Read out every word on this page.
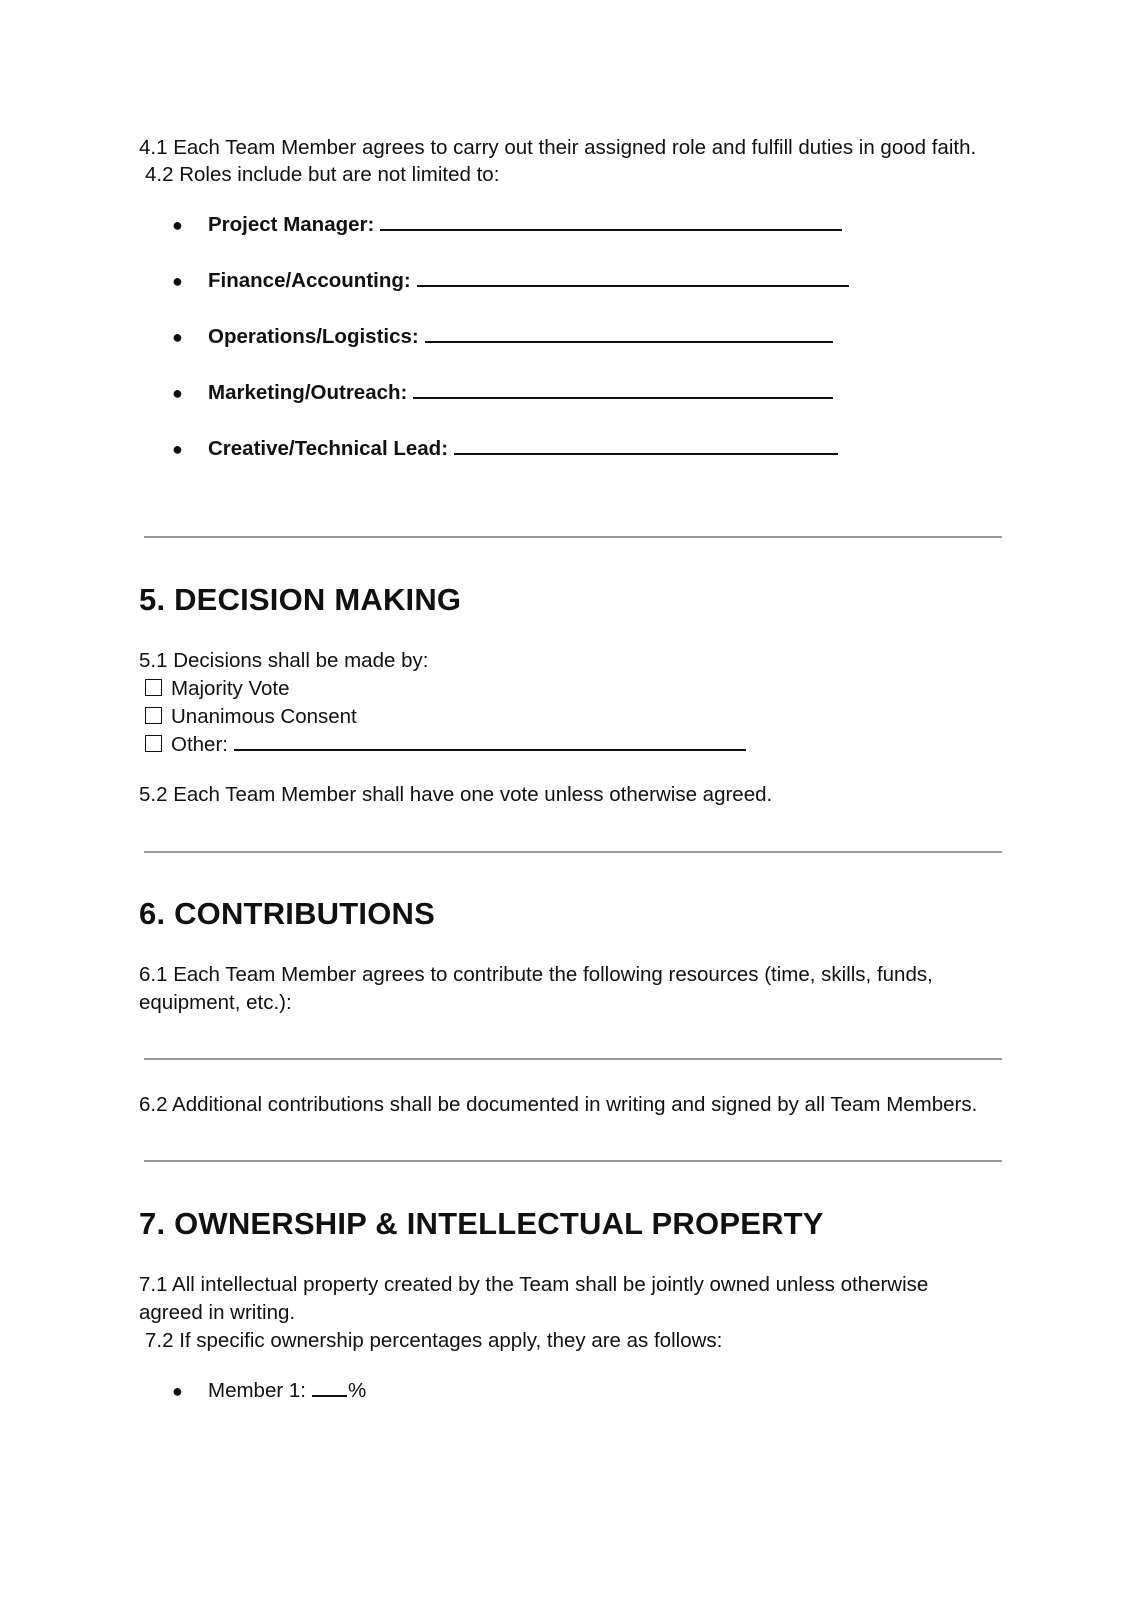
4.1 Each Team Member agrees to carry out their assigned role and fulfill duties in good faith.
4.2 Roles include but are not limited to:
● Project Manager:
● Finance/Accounting:
● Operations/Logistics:
● Marketing/Outreach:
● Creative/Technical Lead:
5. DECISION MAKING
5.1 Decisions shall be made by:
Majority Vote
Unanimous Consent
Other:
5.2 Each Team Member shall have one vote unless otherwise agreed.
6. CONTRIBUTIONS
6.1 Each Team Member agrees to contribute the following resources (time, skills, funds,
equipment, etc.):
6.2 Additional contributions shall be documented in writing and signed by all Team Members.
7. OWNERSHIP & INTELLECTUAL PROPERTY
7.1 All intellectual property created by the Team shall be jointly owned unless otherwise
agreed in writing.
7.2 If specific ownership percentages apply, they are as follows:
● Member 1: %
